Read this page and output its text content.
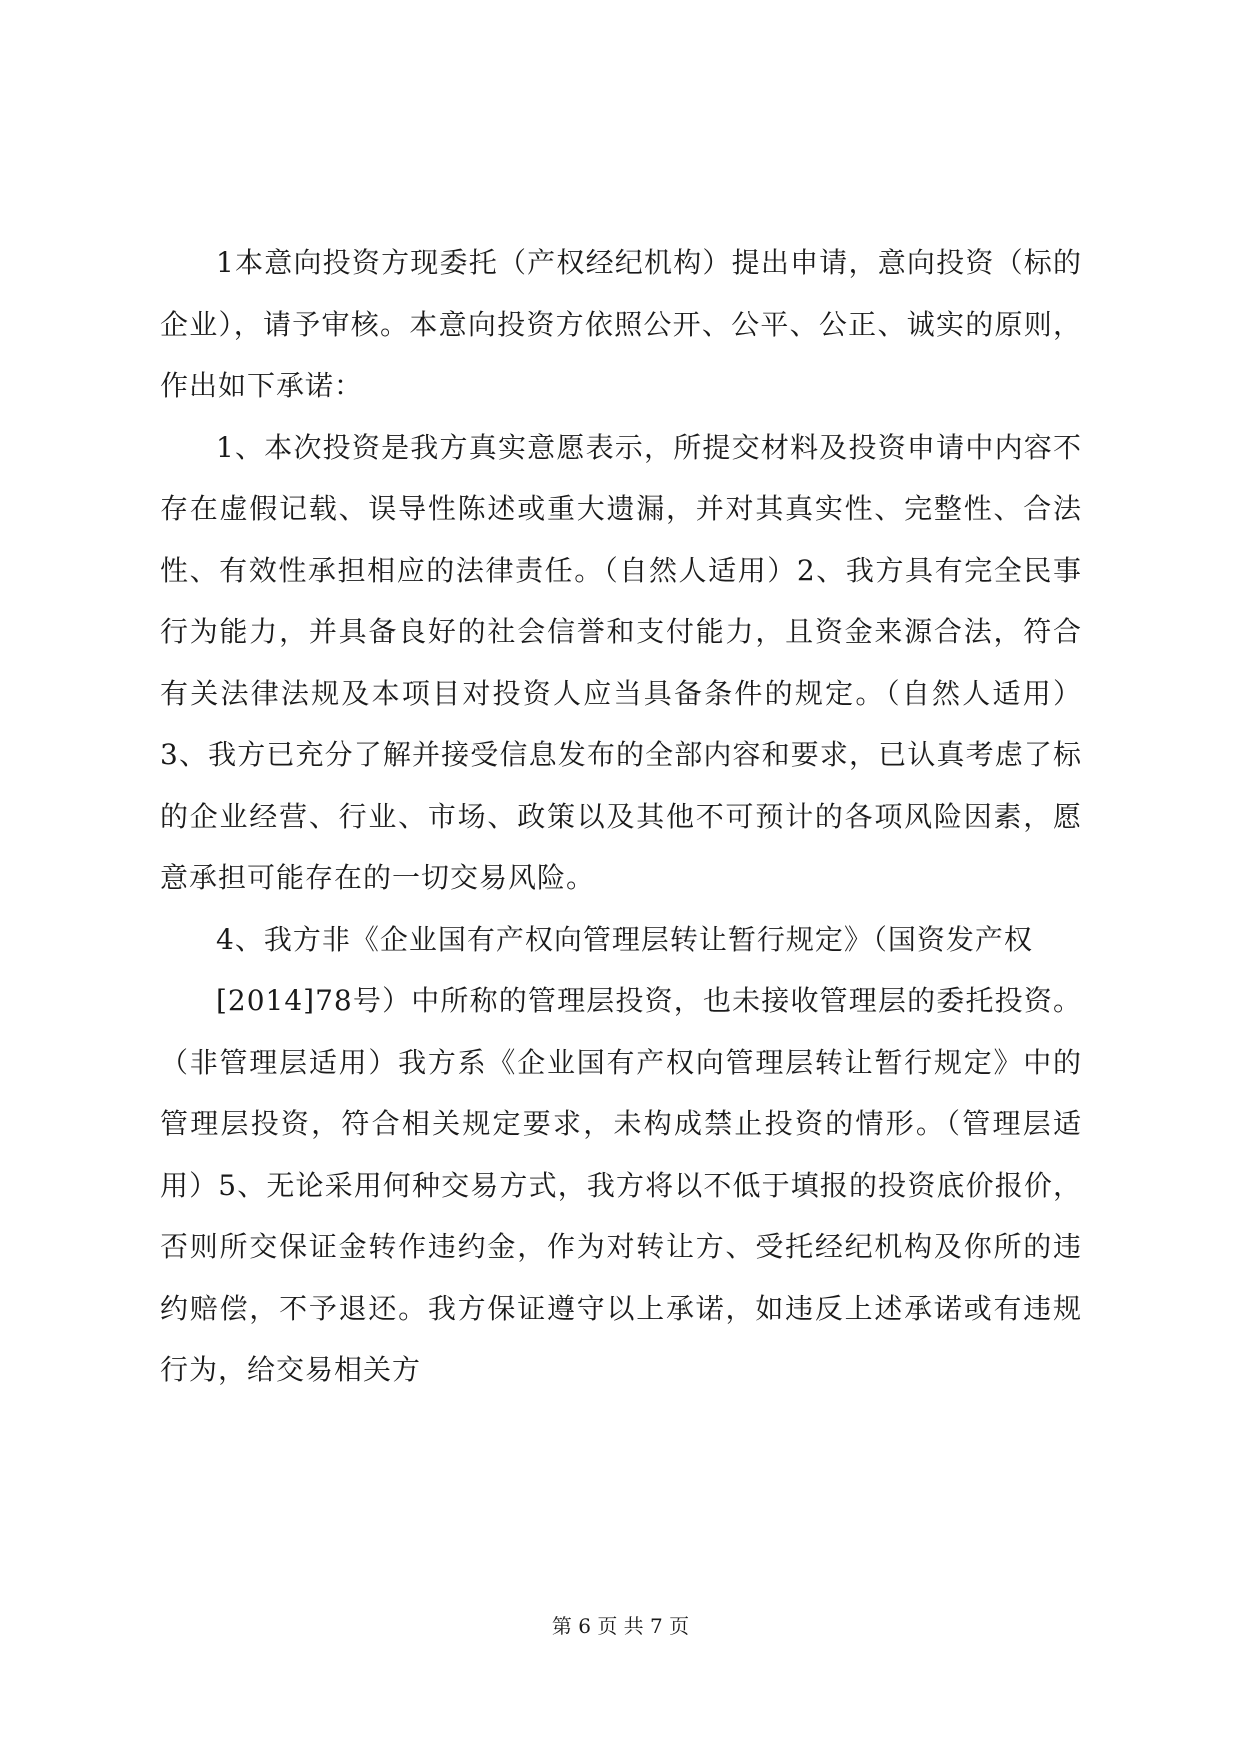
1本意向投资方现委托（产权经纪机构）提出申请，意向投资（标的企业），请予审核。本意向投资方依照公开、公平、公正、诚实的原则，作出如下承诺：

1、本次投资是我方真实意愿表示，所提交材料及投资申请中内容不存在虚假记载、误导性陈述或重大遗漏，并对其真实性、完整性、合法性、有效性承担相应的法律责任。（自然人适用）2、我方具有完全民事行为能力，并具备良好的社会信誉和支付能力，且资金来源合法，符合有关法律法规及本项目对投资人应当具备条件的规定。（自然人适用）3、我方已充分了解并接受信息发布的全部内容和要求，已认真考虑了标的企业经营、行业、市场、政策以及其他不可预计的各项风险因素，愿意承担可能存在的一切交易风险。

4、我方非《企业国有产权向管理层转让暂行规定》（国资发产权

[2014]78号）中所称的管理层投资，也未接收管理层的委托投资。（非管理层适用）我方系《企业国有产权向管理层转让暂行规定》中的管理层投资，符合相关规定要求，未构成禁止投资的情形。（管理层适用）5、无论采用何种交易方式，我方将以不低于填报的投资底价报价，否则所交保证金转作违约金，作为对转让方、受托经纪机构及你所的违约赔偿，不予退还。我方保证遵守以上承诺，如违反上述承诺或有违规行为，给交易相关方

第 6 页 共 7 页
